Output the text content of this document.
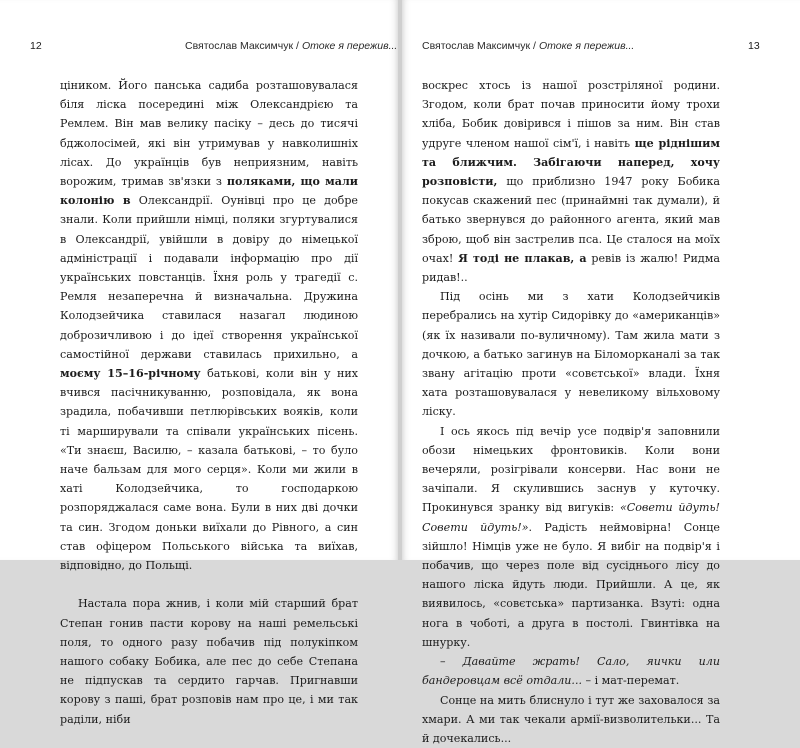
12	Святослав Максимчук / Отоке я пережив...

ціником. Його панська садиба розташовувалася біля ліска посередині між Олександрією та Ремлем. Він мав велику пасіку – десь до тисячі бджолосімей, які він утримував у навколишніх лісах. До українців був неприязним, навіть ворожим, тримав зв'язки з поляками, що мали колонію в Олександрії. Оунівці про це добре знали. Коли прийшли німці, поляки згуртувалися в Олександрії, увійшли в довіру до німецької адміністрації і подавали інформацію про дії українських повстанців. Їхня роль у трагедії с. Ремля незаперечна й визначальна. Дружина Колодзейчика ставилася назагал людиною доброзичливою і до ідеї створення української самостійної держави ставилась прихильно, а моєму 15–16-річному батькові, коли він у них вчився пасічникуванню, розповідала, як вона зрадила, побачивши петлюрівських вояків, коли ті марширували та співали українських пісень. «Ти знаєш, Василю, – казала батькові, – то було наче бальзам для мого серця». Коли ми жили в хаті Колодзейчика, то господаркою розпоряджалася саме вона. Були в них дві дочки та син. Згодом доньки виїхали до Рівного, а син став офіцером Польського війська та виїхав, відповідно, до Польщі.

Настала пора жнив, і коли мій старший брат Степан гонив пасти корову на наші ремельські поля, то одного разу побачив під полукіпком нашого собаку Бобика, але пес до себе Степана не підпускав та сердито гарчав. Пригнавши корову з паші, брат розповів нам про це, і ми так раділи, ніби

Святослав Максимчук / Отоке я пережив...	13

воскрес хтось із нашої розстріляної родини. Згодом, коли брат почав приносити йому трохи хліба, Бобик довірився і пішов за ним. Він став удруге членом нашої сім'ї, і навіть ще ріднішим та ближчим. Забігаючи наперед, хочу розповісти, що приблизно 1947 року Бобика покусав скажений пес (принаймні так думали), й батько звернувся до районного агента, який мав зброю, щоб він застрелив пса. Це сталося на моїх очах! Я тоді не плакав, а ревів із жалю! Ридма ридав!..

Під осінь ми з хати Колодзейчиків перебрались на хутір Сидорівку до «американців» (як їх називали по-вуличному). Там жила мати з дочкою, а батько загинув на Біломорканалі за так звану агітацію проти «совєтської» влади. Їхня хата розташовувалася у невеликому вільховому ліску.

І ось якось під вечір усе подвір'я заповнили обози німецьких фронтовиків. Коли вони вечеряли, розігрівали консерви. Нас вони не зачіпали. Я скулившись заснув у куточку. Прокинувся зранку від вигуків: «Совети йдуть! Совети йдуть!». Радість неймовірна! Сонце зійшло! Німців уже не було. Я вибіг на подвір'я і побачив, що через поле від сусіднього лісу до нашого ліска йдуть люди. Прийшли. А це, як виявилось, «совєтська» партизанка. Взуті: одна нога в чоботі, а друга в постолі. Гвинтівка на шнурку.

– Давайте жрать! Сало, яички или бандеровцам всё отдали... – і мат-перемат.

Сонце на мить блиснуло і тут же заховалося за хмари. А ми так чекали армії-визволительки... Та й дочекались...
